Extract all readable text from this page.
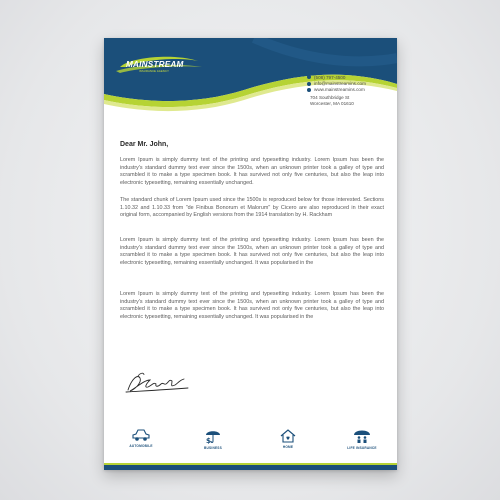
MAINSTREAM
INSURANCE AGENCY
(508) 797-4500
info@mainstreamins.com
www.mainstreamins.com
704 Southbridge St
Worcester, MA 01610
Dear Mr. John,
Lorem Ipsum is simply dummy text of the printing and typesetting industry. Lorem Ipsum has been the industry's standard dummy text ever since the 1500s, when an unknown printer took a galley of type and scrambled it to make a type specimen book. It has survived not only five centuries, but also the leap into electronic typesetting, remaining essentially unchanged.
The standard chunk of Lorem Ipsum used since the 1500s is reproduced below for those interested. Sections 1.10.32 and 1.10.33 from "de Finibus Bonorum et Malorum" by Cicero are also reproduced in their exact original form, accompanied by English versions from the 1914 translation by H. Rackham
Lorem Ipsum is simply dummy text of the printing and typesetting industry. Lorem Ipsum has been the industry's standard dummy text ever since the 1500s, when an unknown printer took a galley of type and scrambled it to make a type specimen book. It has survived not only five centuries, but also the leap into electronic typesetting, remaining essentially unchanged. It was popularised in the
Lorem Ipsum is simply dummy text of the printing and typesetting industry. Lorem Ipsum has been the industry's standard dummy text ever since the 1500s, when an unknown printer took a galley of type and scrambled it to make a type specimen book. It has survived not only five centuries, but also the leap into electronic typesetting, remaining essentially unchanged. It was popularised in the
AUTOMOBILE
$
BUSINESS	HOME	LIFE INSURANCE
